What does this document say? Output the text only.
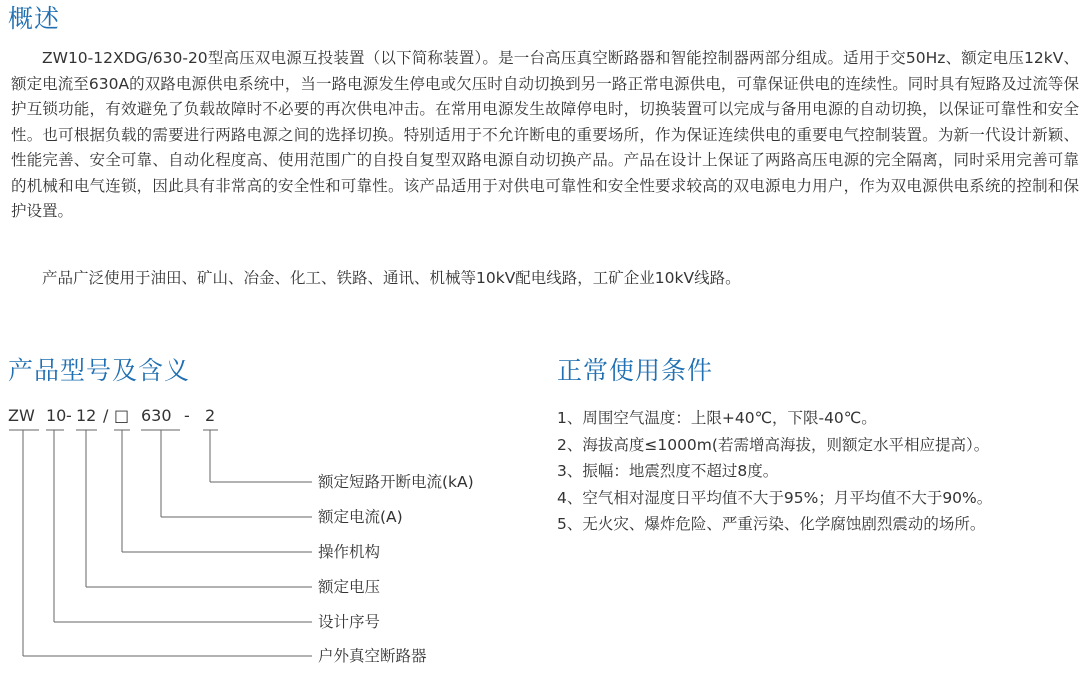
概述

ZW10-12XDG/630-20型高压双电源互投装置（以下简称装置）。是一台高压真空断路器和智能控制器两部分组成。适用于交50Hz、额定电压12kV、额定电流至630A的双路电源供电系统中，当一路电源发生停电或欠压时自动切换到另一路正常电源供电，可靠保证供电的连续性。同时具有短路及过流等保护互锁功能，有效避免了负载故障时不必要的再次供电冲击。在常用电源发生故障停电时，切换装置可以完成与备用电源的自动切换，以保证可靠性和安全性。也可根据负载的需要进行两路电源之间的选择切换。特别适用于不允许断电的重要场所，作为保证连续供电的重要电气控制装置。为新一代设计新颖、性能完善、安全可靠、自动化程度高、使用范围广的自投自复型双路电源自动切换产品。产品在设计上保证了两路高压电源的完全隔离，同时采用完善可靠的机械和电气连锁，因此具有非常高的安全性和可靠性。该产品适用于对供电可靠性和安全性要求较高的双电源电力用户，作为双电源供电系统的控制和保护设置。

产品广泛使用于油田、矿山、冶金、化工、铁路、通讯、机械等10kV配电线路，工矿企业10kV线路。

产品型号及含义
ZW 10 - 12 / □ 630 - 2
额定短路开断电流(kA)
额定电流(A)
操作机构
额定电压
设计序号
户外真空断路器
正常使用条件
1、周围空气温度：上限+40℃，下限-40℃。
2、海拔高度≤1000m(若需增高海拔，则额定水平相应提高）。
3、振幅：地震烈度不超过8度。
4、空气相对湿度日平均值不大于95%；月平均值不大于90%。
5、无火灾、爆炸危险、严重污染、化学腐蚀剧烈震动的场所。
